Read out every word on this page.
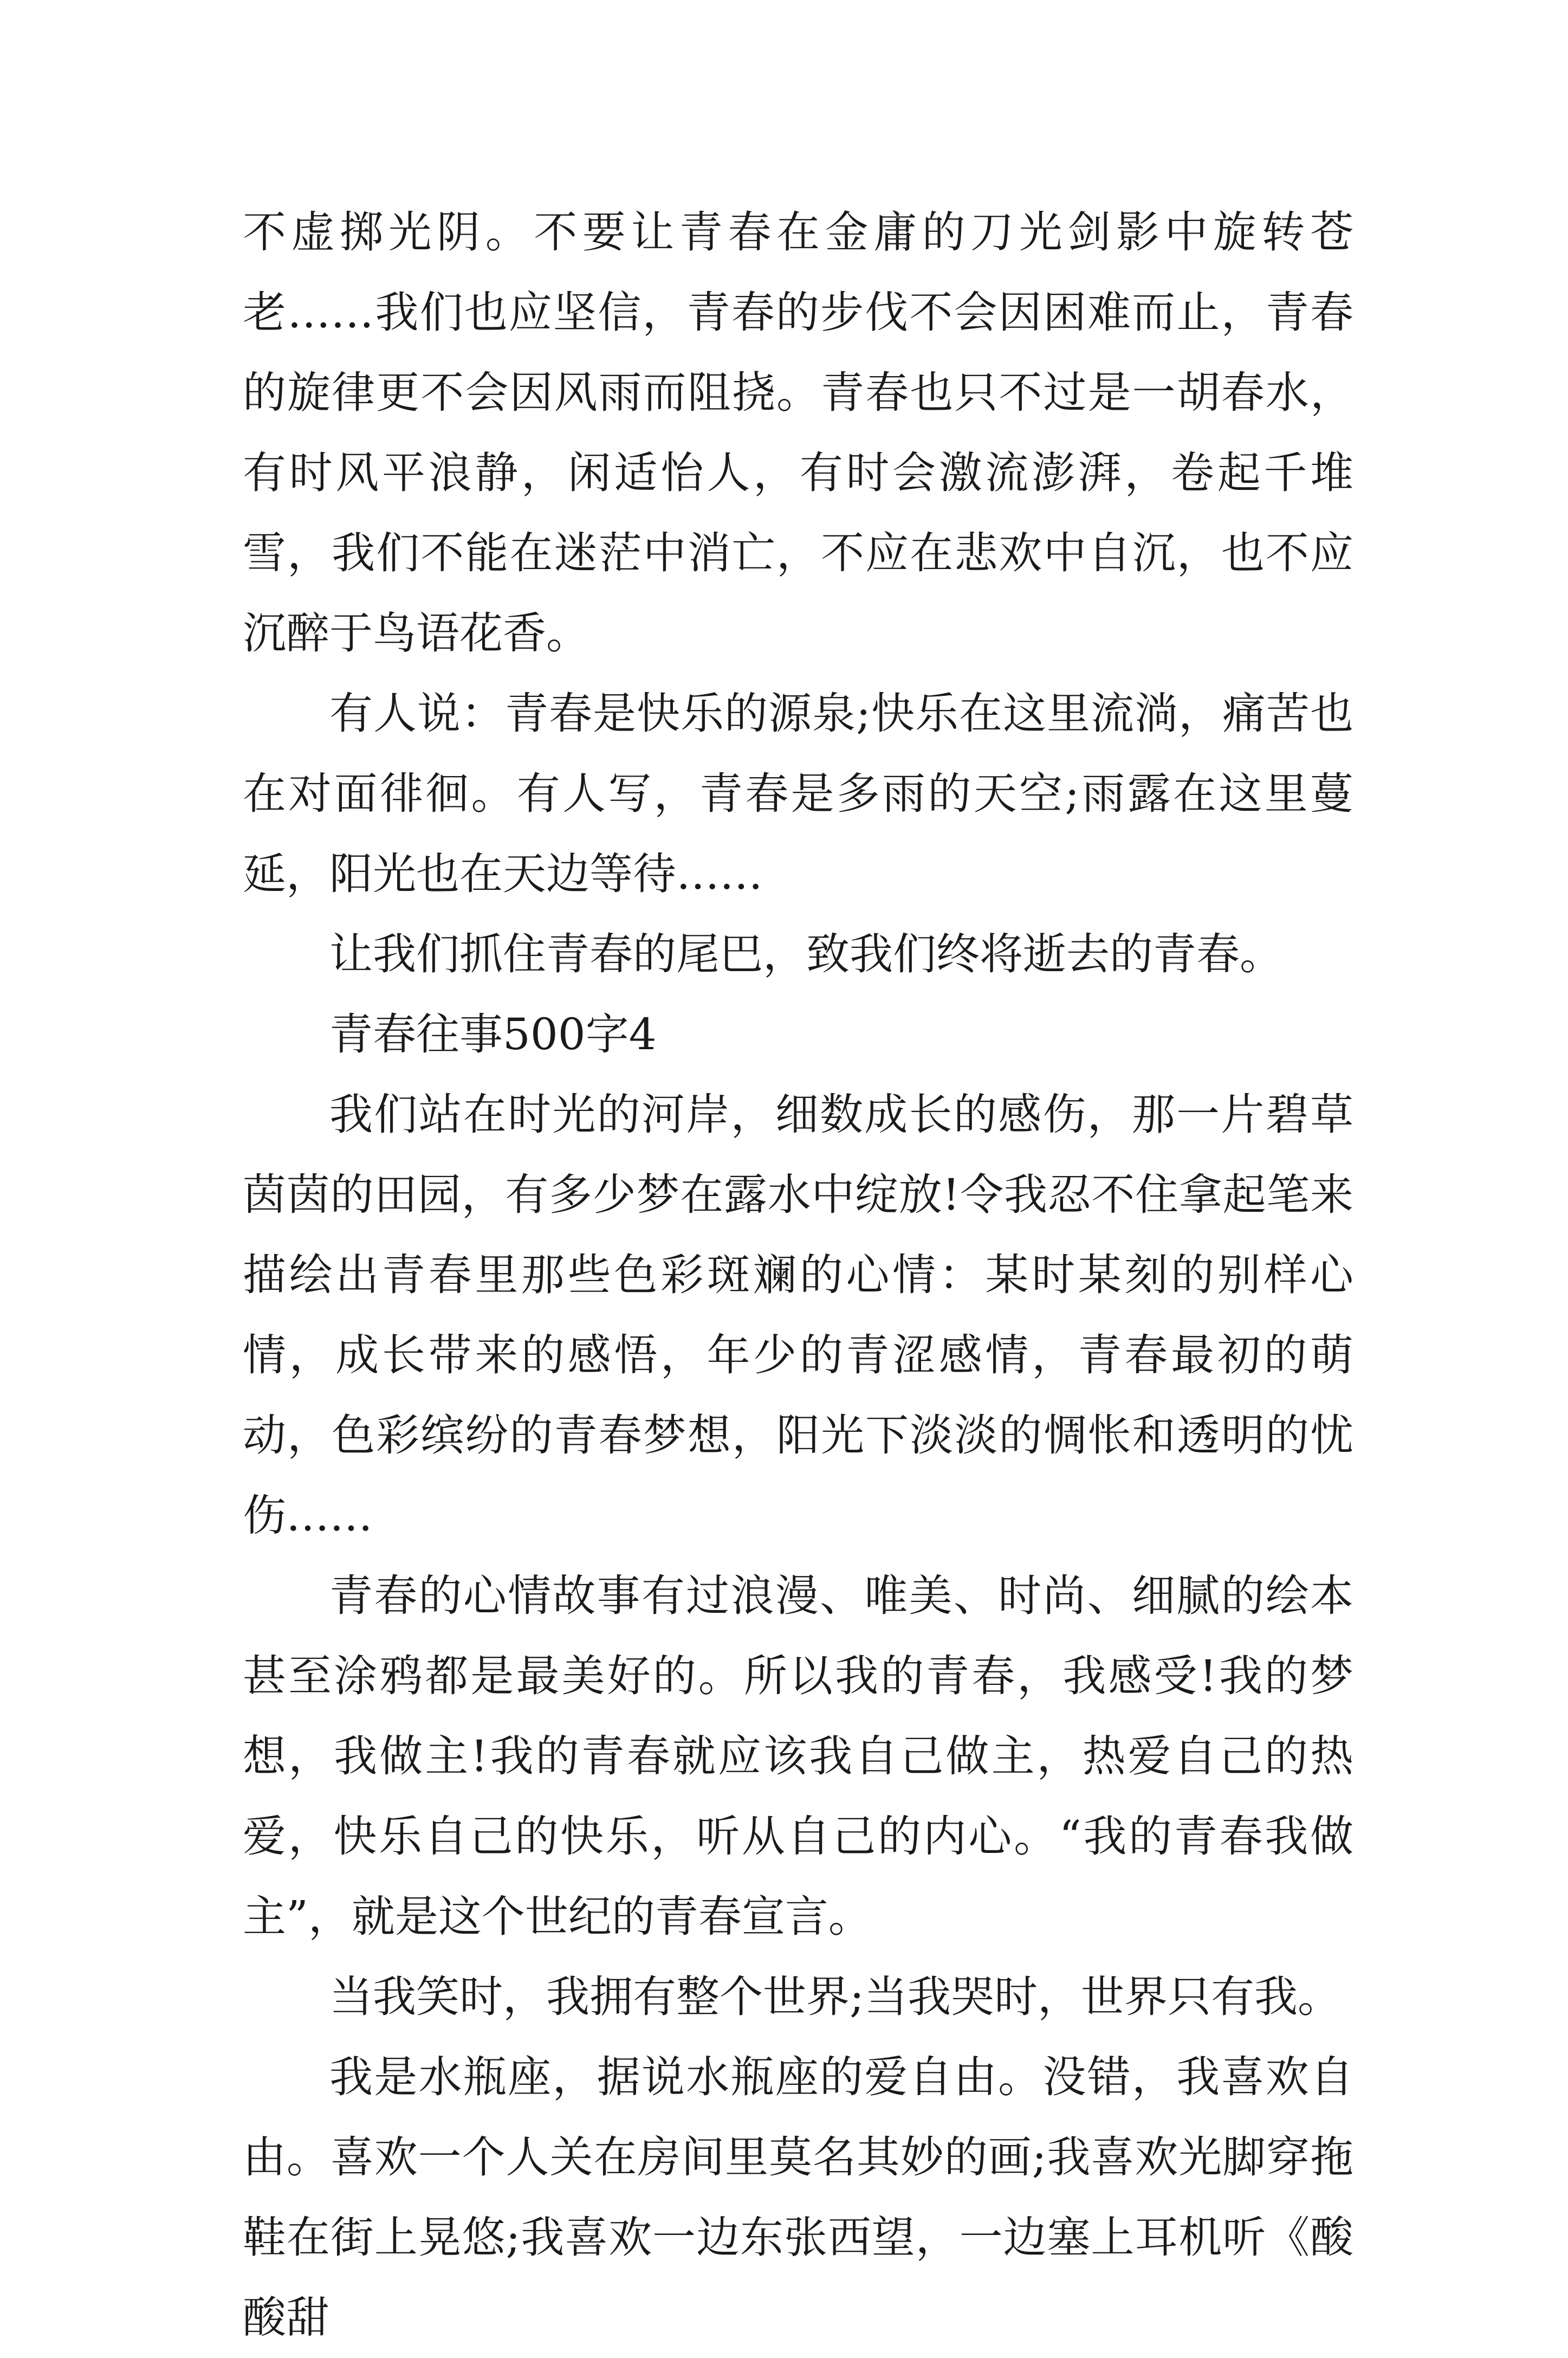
不虚掷光阴。不要让青春在金庸的刀光剑影中旋转苍老……我们也应坚信，青春的步伐不会因困难而止，青春的旋律更不会因风雨而阻挠。青春也只不过是一胡春水，有时风平浪静，闲适怡人，有时会激流澎湃，卷起千堆雪，我们不能在迷茫中消亡，不应在悲欢中自沉，也不应沉醉于鸟语花香。

有人说：青春是快乐的源泉;快乐在这里流淌，痛苦也在对面徘徊。有人写，青春是多雨的天空;雨露在这里蔓延，阳光也在天边等待……

让我们抓住青春的尾巴，致我们终将逝去的青春。

青春往事500字4

我们站在时光的河岸，细数成长的感伤，那一片碧草茵茵的田园，有多少梦在露水中绽放!令我忍不住拿起笔来描绘出青春里那些色彩斑斓的心情：某时某刻的别样心情，成长带来的感悟，年少的青涩感情，青春最初的萌动，色彩缤纷的青春梦想，阳光下淡淡的惆怅和透明的忧伤……

青春的心情故事有过浪漫、唯美、时尚、细腻的绘本甚至涂鸦都是最美好的。所以我的青春，我感受!我的梦想，我做主!我的青春就应该我自己做主，热爱自己的热爱，快乐自己的快乐，听从自己的内心。“我的青春我做主”，就是这个世纪的青春宣言。

当我笑时，我拥有整个世界;当我哭时，世界只有我。

我是水瓶座，据说水瓶座的爱自由。没错，我喜欢自由。喜欢一个人关在房间里莫名其妙的画;我喜欢光脚穿拖鞋在街上晃悠;我喜欢一边东张西望，一边塞上耳机听《酸酸甜
